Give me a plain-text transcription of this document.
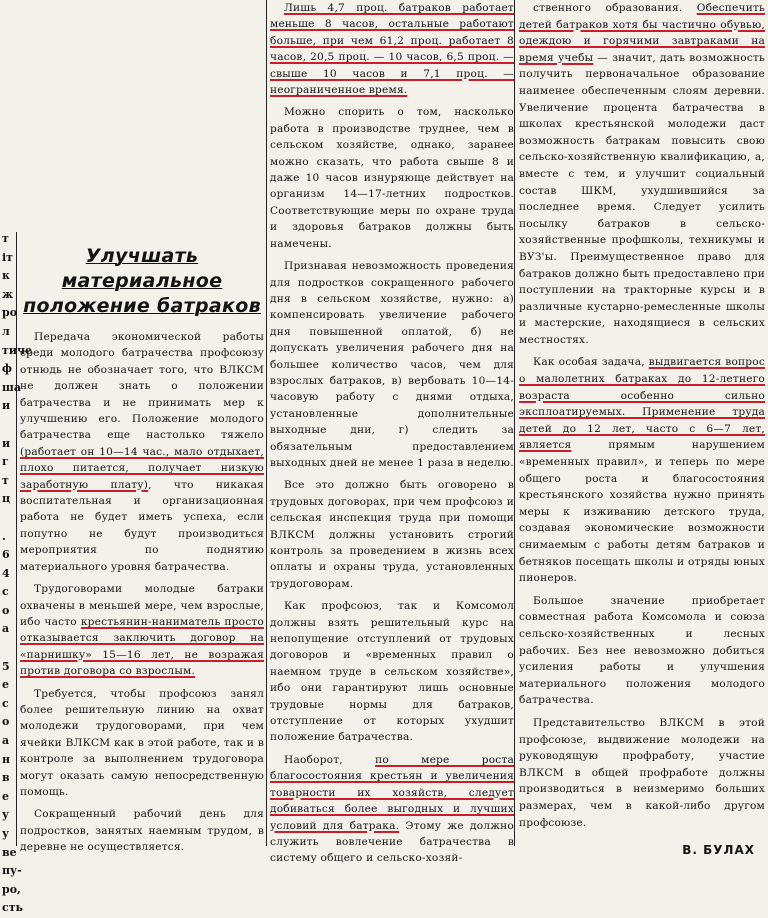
т
іт
к
ж
ро
л
тиче
ф
ша
и

и
г
т
ц

.
6
4
с
о
а

5
е
с
о
а
н
в
е
у
у
ве
пу-
ро,
сть
Улучшать материальное положение батраков

Передача экономической работы среди молодого батрачества профсоюзу отнюдь не обозначает того, что ВЛКСМ не должен знать о положении батрачества и не принимать мер к улучшению его. Положение молодого батрачества еще настолько тяжело (работает он 10—14 час., мало отдыхает, плохо питается, получает низкую заработную плату), что никакая воспитательная и организационная работа не будет иметь успеха, если попутно не будут производиться мероприятия по поднятию материального уровня батрачества.

Трудоговорами молодые батраки охвачены в меньшей мере, чем взрослые, ибо часто крестьянин-наниматель просто отказывается заключить договор на «парнишку» 15—16 лет, не возражая против договора со взрослым.

Требуется, чтобы профсоюз занял более решительную линию на охват молодежи трудоговорами, при чем ячейки ВЛКСМ как в этой работе, так и в контроле за выполнением трудоговора могут оказать самую непосредственную помощь.

Сокращенный рабочий день для подростков, занятых наемным трудом, в деревне не осуществляется.

Лишь 4,7 проц. батраков работает меньше 8 часов, остальные работают больше, при чем 61,2 проц. работает 8 часов, 20,5 проц. — 10 часов, 6,5 проц. — свыше 10 часов и 7,1 проц. — неограниченное время.

Можно спорить о том, насколько работа в производстве труднее, чем в сельском хозяйстве, однако, заранее можно сказать, что работа свыше 8 и даже 10 часов изнуряюще действует на организм 14—17-летних подростков. Соответствующие меры по охране труда и здоровья батраков должны быть намечены.

Признавая невозможность проведения для подростков сокращенного рабочего дня в сельском хозяйстве, нужно: а) компенсировать увеличение рабочего дня повышенной оплатой, б) не допускать увеличения рабочего дня на большее количество часов, чем для взрослых батраков, в) вербовать 10—14-часовую работу с днями отдыха, установленные дополнительные выходные дни, г) следить за обязательным предоставлением выходных дней не менее 1 раза в неделю.

Все это должно быть оговорено в трудовых договорах, при чем профсоюз и сельская инспекция труда при помощи ВЛКСМ должны установить строгий контроль за проведением в жизнь всех оплаты и охраны труда, установленных трудоговорам.

Как профсоюз, так и Комсомол должны взять решительный курс на непопущение отступлений от трудовых договоров и «временных правил о наемном труде в сельском хозяйстве», ибо они гарантируют лишь основные трудовые нормы для батраков, отступление от которых ухудшит положение батрачества.

Наоборот, по мере роста благосостояния крестьян и увеличения товарности их хозяйств, следует добиваться более выгодных и лучших условий для батрака. Этому же должно служить вовлечение батрачества в систему общего и сельско-хозяй-

ственного образования. Обеспечить детей батраков хотя бы частично обувью, одеждою и горячими завтраками на время учебы — значит, дать возможность получить первоначальное образование наименее обеспеченным слоям деревни. Увеличение процента батрачества в школах крестьянской молодежи даст возможность батракам повысить свою сельско-хозяйственную квалификацию, а, вместе с тем, и улучшит социальный состав ШКМ, ухудшившийся за последнее время. Следует усилить посылку батраков в сельско-хозяйственные профшколы, техникумы и ВУЗ'ы. Преимущественное право для батраков должно быть предоставлено при поступлении на тракторные курсы и в различные кустарно-ремесленные школы и мастерские, находящиеся в сельских местностях.

Как особая задача, выдвигается вопрос о малолетних батраках до 12-летнего возраста особенно сильно эксплоатируемых. Применение труда детей до 12 лет, часто с 6—7 лет, является прямым нарушением «временных правил», и теперь по мере общего роста и благосостояния крестьянского хозяйства нужно принять меры к изживанию детского труда, создавая экономические возможности снимаемым с работы детям батраков и бетняков посещать школы и отряды юных пионеров.

Большое значение приобретает совместная работа Комсомола и союза сельско-хозяйственных и лесных рабочих. Без нее невозможно добиться усиления работы и улучшения материального положения молодого батрачества.

Представительство ВЛКСМ в этой профсоюзе, выдвижение молодежи на руководящую профработу, участие ВЛКСМ в общей профработе должны производиться в неизмеримо больших размерах, чем в какой-либо другом профсоюзе.

В. БУЛАХ
